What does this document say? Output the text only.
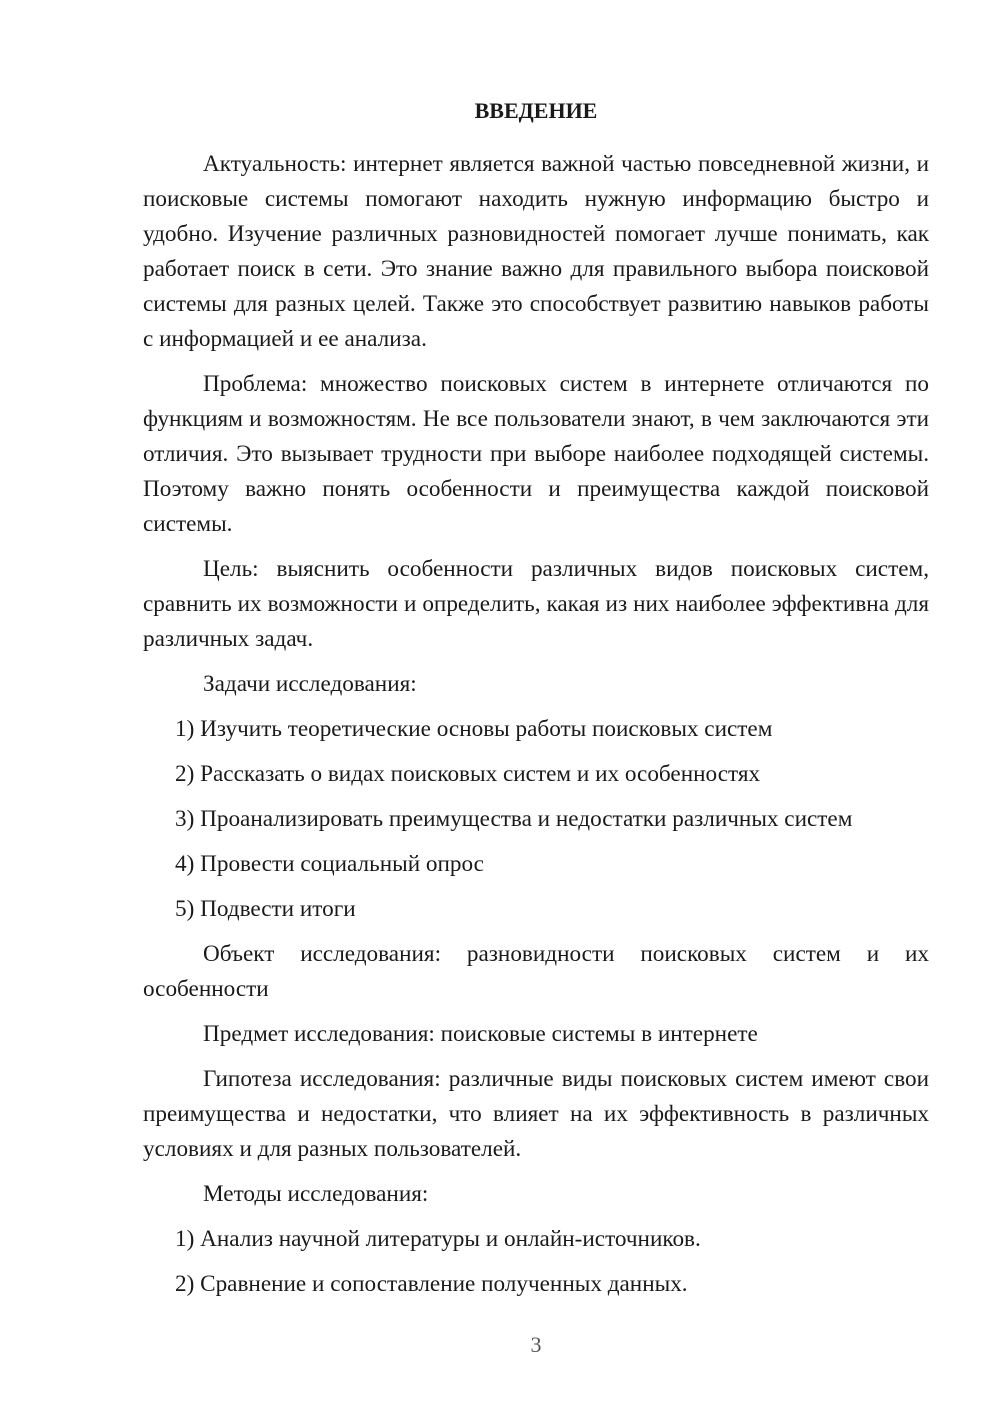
ВВЕДЕНИЕ

Актуальность: интернет является важной частью повседневной жизни, и поисковые системы помогают находить нужную информацию быстро и удобно. Изучение различных разновидностей помогает лучше понимать, как работает поиск в сети. Это знание важно для правильного выбора поисковой системы для разных целей. Также это способствует развитию навыков работы с информацией и ее анализа.

Проблема: множество поисковых систем в интернете отличаются по функциям и возможностям. Не все пользователи знают, в чем заключаются эти отличия. Это вызывает трудности при выборе наиболее подходящей системы. Поэтому важно понять особенности и преимущества каждой поисковой системы.

Цель: выяснить особенности различных видов поисковых систем, сравнить их возможности и определить, какая из них наиболее эффективна для различных задач.

Задачи исследования:

1) Изучить теоретические основы работы поисковых систем

2) Рассказать о видах поисковых систем и их особенностях

3) Проанализировать преимущества и недостатки различных систем

4) Провести социальный опрос

5) Подвести итоги

Объект исследования: разновидности поисковых систем и их особенности

Предмет исследования: поисковые системы в интернете

Гипотеза исследования: различные виды поисковых систем имеют свои преимущества и недостатки, что влияет на их эффективность в различных условиях и для разных пользователей.

Методы исследования:

1) Анализ научной литературы и онлайн-источников.

2) Сравнение и сопоставление полученных данных.

3
